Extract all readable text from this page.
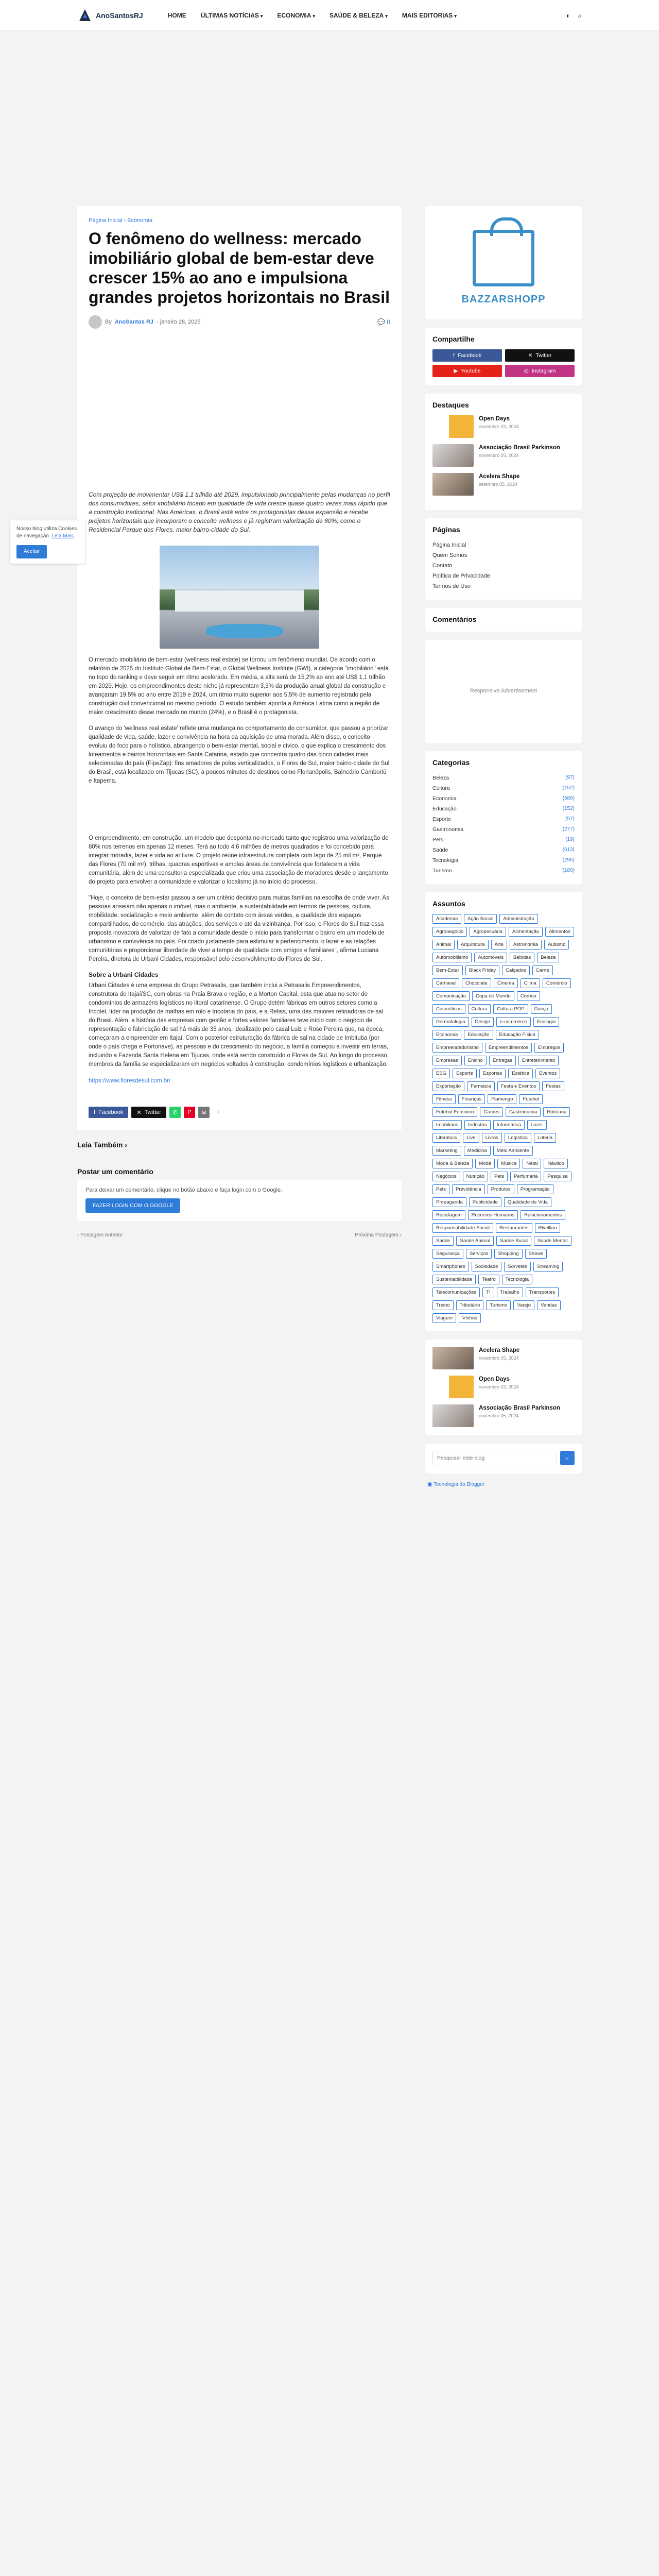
AnoSantosRJ	HOME ÚLTIMAS NOTÍCIAS ▾ ECONOMIA ▾ SAÚDE & BELEZA ▾ MAIS EDITORIAS ▾	◐ ⌕
Página Inicial › Economia
O fenômeno do wellness: mercado imobiliário global de bem-estar deve crescer 15% ao ano e impulsiona grandes projetos horizontais no Brasil
By AnoSantos RJ - janeiro 28, 2025	💬 0

Com projeção de movimentar US$ 1,1 trilhão até 2029, impulsionado principalmente pelas mudanças no perfil dos consumidores, setor imobiliário focado em qualidade de vida cresce quase quatro vezes mais rápido que a construção tradicional. Nas Américas, o Brasil está entre os protagonistas dessa expansão e recebe projetos horizontais que incorporam o conceito wellness e já registram valorização de 80%, como o Residencial Parque das Flores, maior bairro-cidade do Sul.

O mercado imobiliário de bem-estar (wellness real estate) se tornou um fenômeno mundial. De acordo com o relatório de 2025 do Instituto Global de Bem-Estar, o Global Wellness Institute (GWI), a categoria "imobiliário" está no topo do ranking e deve seguir em ritmo acelerado. Em média, a alta será de 15,2% ao ano até US$ 1,1 trilhão em 2029. Hoje, os empreendimentos deste nicho já representam 3,3% da produção anual global da construção e avançaram 19,5% ao ano entre 2019 e 2024, um ritmo muito superior aos 5,5% de aumento registrado pela construção civil convencional no mesmo período. O estudo também aponta a América Latina como a região de maior crescimento desse mercado no mundo (24%), e o Brasil é o protagonista.

O avanço do 'wellness real estate' reflete uma mudança no comportamento do consumidor, que passou a priorizar qualidade de vida, saúde, lazer e convivência na hora da aquisição de uma morada. Além disso, o conceito evoluiu do foco para o holístico, abrangendo o bem-estar mental, social e cívico, o que explica o crescimento dos loteamentos e bairros horizontais em Santa Catarina, estado que concentra quatro das cinco cidades mais selecionadas do país (FipeZap): fins amadores de polos verticalizados, o Flores de Sul, maior bairro-cidade do Sul do Brasil, está localizado em Tijucas (SC), a poucos minutos de destinos como Florianópolis, Balneário Camboriú e Itapema.

O empreendimento, em construção, um modelo que desponta no mercado tanto que registrou uma valorização de 80% nos terrenos em apenas 12 meses. Terá ao todo 4,6 milhões de metros quadrados e foi concebido para integrar moradia, lazer e vida ao ar livre. O projeto reúne infraestrutura completa com lago de 25 mil m², Parque das Flores (70 mil m²), trilhas, quadras esportivas e amplas áreas de convivência que fortalecem a vida comunitária, além de uma consultoria especializada que criou uma associação de moradores desde o lançamento do projeto para envolver a comunidade e valorizar o localismo já no início do processo.

"Hoje, o conceito de bem-estar passou a ser um critério decisivo para muitas famílias na escolha de onde viver. As pessoas anseiam não apenas o imóvel, mas o ambiente, a sustentabilidade em termos de pessoas, cultura, mobilidade, socialização e meio ambiente, além de contato com áreas verdes, a qualidade dos espaços compartilhados, do comércio, das atrações, dos serviços e até da vizinhança. Por isso, o Flores do Sul traz essa proposta inovadora de valorizar de fato a comunidade desde o início para transformar o bairro em um modelo de urbanismo e convivência no país. Foi criado justamente para estimular a pertencimento, o lazer e as relações comunitárias e proporcionar liberdade de viver a tempo de qualidade com amigos e familiares", afirma Luciana Pereira, diretora de Urbani Cidades, responsável pelo desenvolvimento do Flores de Sul.

Sobre a Urbani Cidades

Urbani Cidades é uma empresa do Grupo Petrasalis, que também inclui a Petrasalis Empreendimentos, construtora de Itajaí/SC, com obras na Praia Brava e região, e a Morton Capital, esta que atua no setor de condomínios de armazéns logísticos no litoral catarinense. O Grupo detém fábricas em outros setores como a Incotel, líder na produção de malhas em rolo e tricotaria do país, e a Refiss, uma das maiores refinadoras de sal do Brasil. Além, a história das empresas com gestão e fortes valores familiares teve início com o negócio de representação e fabricação de sal há mais de 35 anos, idealizado pelo casal Luiz e Rose Pereira que, na época, começaram a empreender em Itajaí. Com o posterior estruturação da fábrica de sal na cidade de Imbituba (por onde o país chega e Portonave), as pessoas e do crescimento do negócio, a família começou a investir em terras, incluindo a Fazenda Santa Helena em Tijucas, onde está sendo construído o Flores de Sul. Ao longo do processo, membros da família se especializaram em negócios voltados à construção, condomínios logísticos e urbanização.

https://www.floresdesul.com.br/
f Facebook ✕ Twitter ✆ P ✉ +
Leia Também ›
Postar um comentário

Para deixar um comentário, clique no botão abaixo e faça login com o Google.

FAZER LOGIN COM O GOOGLE
‹ Postagem Anterior	Próxima Postagem ›
BAZZARSHOPP
Compartilhe
f Facebook	✕ Twitter
▶ Youtube	◎ Instagram
Destaques
Open Days
novembro 03, 2024
Associação Brasil Parkinson
novembro 05, 2024
Acelera Shape
setembro 05, 2024
Páginas
Página Inicial
Quem Somos
Contato
Política de Privacidade
Termos de Uso
Comentários
Responsive Advertisement
Categorias
Beleza	(97)
Cultura	(152)
Economia	(586)
Educação	(152)
Esporte	(97)
Gastronomia	(277)
Pets	(19)
Saúde	(613)
Tecnologia	(296)
Turismo	(180)
Assuntos
Academia	Ação Social	Administração
Agronegócio	Agropecuária	Alimentação	Alimentos
Animal	Arquitetura	Arte	Astronomia	Autismo
Automobilismo	Automóveis	Bebidas	Beleza
Bem-Estar	Black Friday	Calçados	Carne
Carnaval	Chocolate	Cinema	Clima	Comércio
Comunicação	Copa do Mundo	Corrida
Cosméticos	Cultura	Cultura POP	Dança
Dermatologia	Design	e-commerce	Ecologia
Economia	Educação	Educação Física
Empreendedorismo	Empreendimentos	Empregos
Empresas	Ensino	Entregas	Entretenimento
ESG	Esporte	Esportes	Estética	Eventos
Exportação	Farmácia	Festa e Eventos	Festas
Fitness	Finanças	Flamengo	Futebol
Futebol Feminino	Games	Gastronomia	Hotelaria
Imobiliário	Indústria	Informática	Lazer
Literatura	Live	Livros	Logística	Loteria
Marketing	Medicina	Meio Ambiente
Moda & Beleza	Moda	Música	Natal	Náutico
Negócios	Nutrição	Pets	Perfumaria	Pesquisa
Pets	Previdência	Produtos	Programação
Propaganda	Publicidade	Qualidade de Vida
Reciclagem	Recursos Humanos	Relacionamentos
Responsabilidade Social	Restaurantes	Rivellino
Saúde	Saúde Animal	Saúde Bucal	Saúde Mental
Segurança	Serviços	Shopping	Shows
Smartphones	Sociedade	Sorvetes	Streaming
Sustentabilidade	Teatro	Tecnologia
Telecomunicações	TI	Trabalho	Transportes
Treino	Tributário	Turismo	Varejo	Vendas
Viagem	Vinhos
Acelera Shape
novembro 05, 2024
Open Days
novembro 03, 2024
Associação Brasil Parkinson
novembro 05, 2024
Pesquisar este blog
⌕
▣ Tecnologia do Blogger
Nosso blog utiliza Cookies de navegação. Leia Mais
Aceitar
